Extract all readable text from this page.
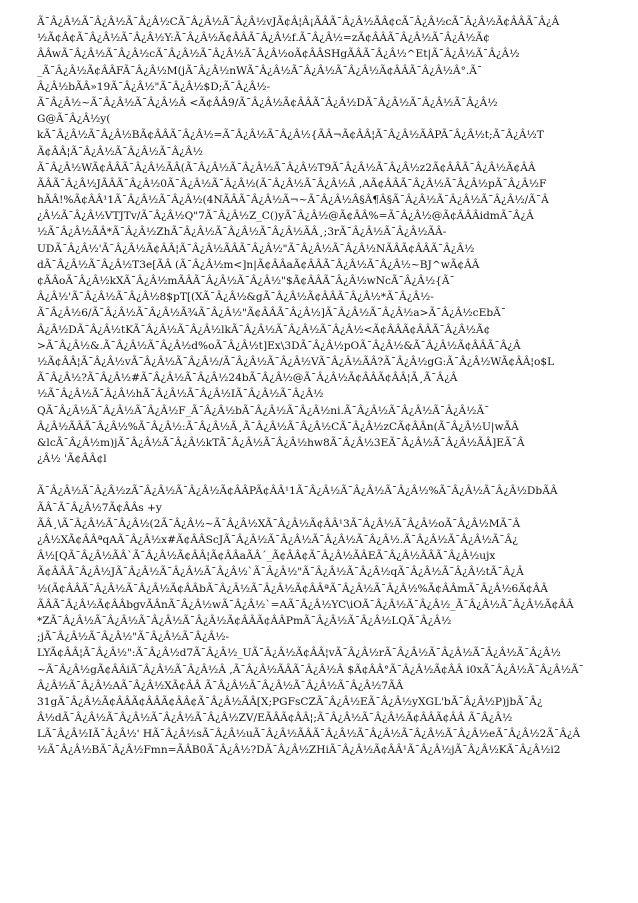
Ã¯Â¿Â½Ã¯Â¿Â½Ã¯Â¿Â½CÃ¯Â¿Â½Ã¯Â¿Â½vJÃ¢Â¦Â¡ÃÂÃ¯Â¿Â½ÃÂ¢cÃ¯Â¿Â½cÃ¯Â¿Â½Ã¢ÂÂÃ¯Â¿Â
½Ã¢Â¢Ã¯Â¿Â½Ã¯Â¿Â½Y:Ã¯Â¿Â½Ã¢ÂÂÃ¯Â¿Â½f.Ã¯Â¿Â½=zÃ¢ÂÂÃ¯Â¿Â½Ã¯Â¿Â½Ã¢
ÂÂwÃ¯Â¿Â½Ã¯Â¿Â½cÃ¯Â¿Â½Ã¯Â¿Â½Ã¯Â¿Â½oÃ¢ÂÂSHgÃÂÃ¯Â¿Â½^Et|Ã¯Â¿Â½Ã¯Â¿Â½
_Ã¯Â¿Â½Ã¢ÂÂFÃ¯Â¿Â½M(jÃ¯Â¿Â½nWÃ¯Â¿Â½Ã¯Â¿Â½Ã¯Â¿Â½Ã¢ÂÂÃ¯Â¿Â½Â°.Ã¯
Â¿Â½bÃÂ»19Ã¯Â¿Â½"Ã¯Â¿Â½$D;Ã¯Â¿Â½-
Ã¯Â¿Â½~Ã¯Â¿Â½Ã¯Â¿Â½Â <Ã¢ÂÂ9/Ã¯Â¿Â½Ã¢ÂÂÃ¯Â¿Â½DÃ¯Â¿Â½Ã¯Â¿Â½Ã¯Â¿Â½
G@Ã¯Â¿Â½y(
kÃ¯Â¿Â½Ã¯Â¿Â½BÃ¢ÂÂÃ¯Â¿Â½=Ã¯Â¿Â½Ã¯Â¿Â½{ÃÂ¬Ã¢ÂÂ¦Ã¯Â¿Â½ÃÂPÃ¯Â¿Â½t;Ã¯Â¿Â½T
Ã¢ÂÂ¦Ã¯Â¿Â½Ã¯Â¿Â½Ã¯Â¿Â½
Ã¯Â¿Â½WÃ¢ÂÂÃ¯Â¿Â½ÃÂ(Ã¯Â¿Â½Ã¯Â¿Â½Ã¯Â¿Â½T9Ã¯Â¿Â½Ã¯Â¿Â½z2Ã¢ÂÂÃ¯Â¿Â½Ã¢ÂÂ
ÃÂÃ¯Â¿Â½JÃÂÃ¯Â¿Â½0Ã¯Â¿Â½Ã¯Â¿Â½(Ã¯Â¿Â½Ã¯Â¿Â½Â ,AÃ¢ÂÂÃ¯Â¿Â½Ã¯Â¿Â½pÃ¯Â¿Â½F
hÃÂ!%Ã¢ÂÂ¹1Ã¯Â¿Â½Ã¯Â¿Â½(4NÃÂÃ¯Â¿Â½Ã¬~Ã¯Â¿Â½Â§Â¶Â§Ã¯Â¿Â½Ã¯Â¿Â½Ã¯Â¿Â½/Ã¯Â
¿Â½Ã¯Â¿Â½VTJTv/Ã¯Â¿Â½Q"7Ã¯Â¿Â½Z_C()yÃ¯Â¿Â½@Ã¢ÂÂ%=Ã¯Â¿Â½@Ã¢ÂÂÂidmÃ¯Â¿Â
½Ã¯Â¿Â½ÃÂ*Ã¯Â¿Â½ZhÃ¯Â¿Â½Ã¯Â¿Â½Ã¯Â¿Â½ÃÂ¸;3rÃ¯Â¿Â½Ã¯Â¿Â½ÃÂ-
UDÃ¯Â¿Â½'Ã¯Â¿Â½Ã¢ÂÂ¦Ã¯Â¿Â½ÃÂÃ¯Â¿Â½"Ã¯Â¿Â½Ã¯Â¿Â½NÃÂÃ¢ÂÂÃ¯Â¿Â½
dÃ¯Â¿Â½Ã¯Â¿Â½T3e[ÃÂ (Ã¯Â¿Â½m<]n|Ã¢ÂÂaÃ¢ÂÂÃ¯Â¿Â½Ã¯Â¿Â½~BJ^wÃ¢ÂÂ
¢ÃÂoÃ¯Â¿Â½kXÃ¯Â¿Â½mÃÂÃ¯Â¿Â½Ã¯Â¿Â½"$Ã¢ÂÂÃ¯Â¿Â½wNcÃ¯Â¿Â½{Ã¯
Â¿Â½'Ã¯Â¿Â½Ã¯Â¿Â½8$pT[(XÃ¯Â¿Â½&gÃ¯Â¿Â½Ã¢ÂÂÃ¯Â¿Â½*Ã¯Â¿Â½-
Ã¯Â¿Â½6/Ã¯Â¿Â½Ã¯Â¿Â½Ã¾Ã¯Â¿Â½"Ã¢ÂÂÃ¯Â¿Â½]Ã¯Â¿Â½Ã¯Â¿Â½a>Ã¯Â¿Â½cEbÃ¯
Â¿Â½DÃ¯Â¿Â½tKÃ¯Â¿Â½Ã¯Â¿Â½lkÃ¯Â¿Â½Ã¯Â¿Â½Ã¯Â¿Â½<Ã¢ÂÂÃ¢ÂÂÃ¯Â¿Â½Ã¢
>Ã¯Â¿Â½&.Ã¯Â¿Â½Ã¯Â¿Â½d%oÃ¯Â¿Â½t]Ex\3DÃ¯Â¿Â½pOÃ¯Â¿Â½&Ã¯Â¿Â½Ã¢ÂÂÃ¯Â¿Â
½Ã¢ÂÂ¦Ã¯Â¿Â½vÃ¯Â¿Â½Ã¯Â¿Â½/Ã¯Â¿Â½Ã¯Â¿Â½VÃ¯Â¿Â½ÃÂ?Ã¯Â¿Â½gG:Ã¯Â¿Â½WÃ¢ÂÂ¦o$L
Ã¯Â¿Â½?Ã¯Â¿Â½#Ã¯Â¿Â½Ã¯Â¿Â½24bÃ¯Â¿Â½@Ã¯Â¿Â½Ã¢ÂÂÃ¢ÂÂ¦Ã¸Ã¯Â¿Â
½Ã¯Â¿Â½Ã¯Â¿Â½hÃ¯Â¿Â½Ã¯Â¿Â½IÃ¯Â¿Â½Ã¯Â¿Â½
QÃ¯Â¿Â½Ã¯Â¿Â½Ã¯Â¿Â½F_Ã¯Â¿Â½bÃ¯Â¿Â½Ã¯Â¿Â½ni.Ã¯Â¿Â½Ã¯Â¿Â½Ã¯Â¿Â½Ã¯
Â¿Â½ÃÂÃ¯Â¿Â½%Ã¯Â¿Â½:Ã¯Â¿Â½Ã¸Ã¯Â¿Â½Ã¯Â¿Â½CÃ¯Â¿Â½zCÃ¢ÂÂn(Ã¯Â¿Â½U|wÃÂ
&lcÃ¯Â¿Â½m)jÃ¯Â¿Â½Ã¯Â¿Â½kTÃ¯Â¿Â½Ã¯Â¿Â½hw8Ã¯Â¿Â½3EÃ¯Â¿Â½Ã¯Â¿Â½ÃÂ]EÃ¯Â
¿Â½ 'Ã¢ÂÂ¢l
Ã¯Â¿Â½Ã¯Â¿Â½zÃ¯Â¿Â½Ã¯Â¿Â½Ã¢ÂÂPÃ¢ÂÂ¹1Ã¯Â¿Â½Ã¯Â¿Â½Ã¯Â¿Â½%Ã¯Â¿Â½Ã¯Â¿Â½DbÃÂ
ÃÂ¯Ã¯Â¿Â½7Ã¢ÂÂs +y
ÃÂ¸\Ã¯Â¿Â½Ã¯Â¿Â½(2Ã¯Â¿Â½~Ã¯Â¿Â½XÃ¯Â¿Â½Ã¢ÂÂ¹3Ã¯Â¿Â½Ã¯Â¿Â½oÃ¯Â¿Â½MÃ¯Â
¿Â½XÃ¢ÂÂªqAÃ¯Â¿Â½x#Ã¢ÂÂScJÃ¯Â¿Â½Ã¯Â¿Â½Ã¯Â¿Â½Ã¯Â¿Â½.Ã¯Â¿Â½Ã¯Â¿Â½Ã¯Â¿
Â½[QÃ¯Â¿Â½ÃÂ`Ã¯Â¿Â½Ã¢ÂÂ¦Ã¢ÂÂaÃÂ´_Ã¢ÂÂ¢Ã¯Â¿Â½ÃÂEÃ¯Â¿Â½ÃÂÃ¯Â¿Â½ujx
Ã¢ÂÂÃ¯Â¿Â½JÃ¯Â¿Â½Ã¯Â¿Â½Ã¯Â¿Â½`Ã¯Â¿Â½"Ã¯Â¿Â½Ã¯Â¿Â½qÃ¯Â¿Â½Ã¯Â¿Â½tÃ¯Â¿Â
½(Ã¢ÂÂÃ¯Â¿Â½Ã¯Â¿Â½Ã¢ÂÂbÃ¯Â¿Â½Ã¯Â¿Â½Ã¢ÂÂªÃ¯Â¿Â½Ã¯Â¿Â½%Ã¢ÂÂmÃ¯Â¿Â½6Ã¢ÂÂ
ÃÂÃ¯Â¿Â½Ã¢ÂÂbgvÃÂnÃ¯Â¿Â½wÃ¯Â¿Â½`=AÃ¯Â¿Â½YC\iOÃ¯Â¿Â½Ã¯Â¿Â½_Ã¯Â¿Â½Ã¯Â¿Â½Ã¢ÂÂ
*ZÃ¯Â¿Â½Ã¯Â¿Â½Ã¯Â¿Â½Ã¯Â¿Â½Ã¢ÂÂÃ¢ÂÂPmÃ¯Â¿Â½Ã¯Â¿Â½LQÃ¯Â¿Â½
;jÃ¯Â¿Â½Ã¯Â¿Â½"Ã¯Â¿Â½Ã¯Â¿Â½-
LYÃ¢ÂÂ¦Ã¯Â¿Â½":Ã¯Â¿Â½d7Ã¯Â¿Â½_UÃ¯Â¿Â½Ã¢ÂÂ¦vÃ¯Â¿Â½rÃ¯Â¿Â½Ã¯Â¿Â½Ã¯Â¿Â½Ã¯Â¿Â½
~Ã¯Â¿Â½gÃ¢ÂÂiÃ¯Â¿Â½Ã¯Â¿Â½Â ,Ã¯Â¿Â½ÃÂÃ¯Â¿Â½Â $Ã¢ÂÂ°Ã¯Â¿Â½Ã¢ÂÂ i0xÃ¯Â¿Â½Ã¯Â¿Â½Ã¯
Â¿Â½Ã¯Â¿Â½AÃ¯Â¿Â½XÃ¢ÂÂ Ã¯Â¿Â½Ã¯Â¿Â½Ã¯Â¿Â½Ã¯Â¿Â½7ÃÂ
31gÃ¯Â¿Â½Ã¢ÂÂÃ¢ÂÂÃ¢ÂÂ¢Ã¯Â¿Â½ÃÂ[X;PGFsCZÃ¯Â¿Â½EÃ¯Â¿Â½yXGL'bÃ¯Â¿Â½P)jbÃ¯Â¿
Â½dÃ¯Â¿Â½Ã¯Â¿Â½Ã¯Â¿Â½Ã¯Â¿Â½ZV/EÃÂÃ¢ÂÂ¦;Ã¯Â¿Â½Ã¯Â¿Â½Ã¢ÂÂÃ¢ÂÂ Ã¯Â¿Â½
LÃ¯Â¿Â½IÃ¯Â¿Â½' HÃ¯Â¿Â½sÃ¯Â¿Â½uÃ¯Â¿Â½ÃÂÃ¯Â¿Â½Ã¯Â¿Â½Ã¯Â¿Â½Ã¯Â¿Â½eÃ¯Â¿Â½2Ã¯Â¿Â
½Ã¯Â¿Â½BÃ¯Â¿Â½Fmn=ÃÂB0Ã¯Â¿Â½?DÃ¯Â¿Â½ZHiÃ¯Â¿Â½Ã¢ÂÂ¹Ã¯Â¿Â½jÃ¯Â¿Â½KÃ¯Â¿Â½i2
